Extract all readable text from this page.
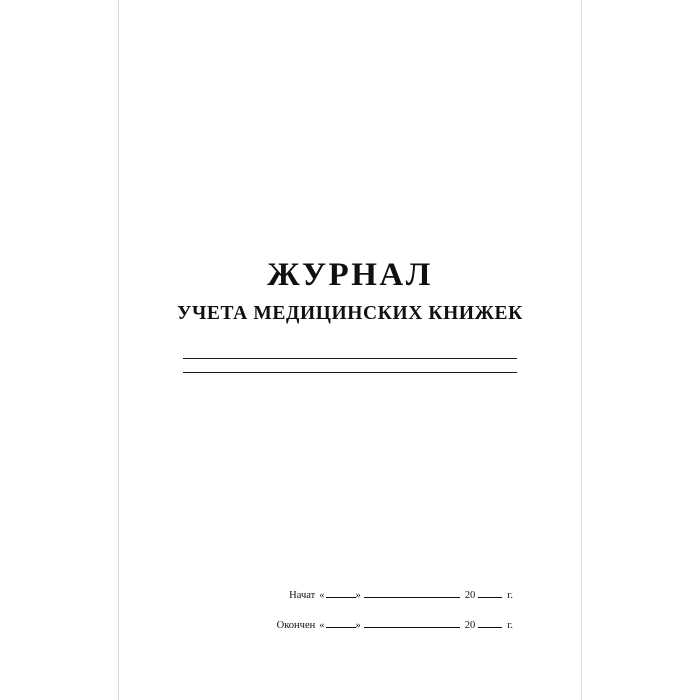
ЖУРНАЛ
УЧЕТА МЕДИЦИНСКИХ КНИЖЕК
Начат «	»	20	г.
Окончен «	»	20	г.
